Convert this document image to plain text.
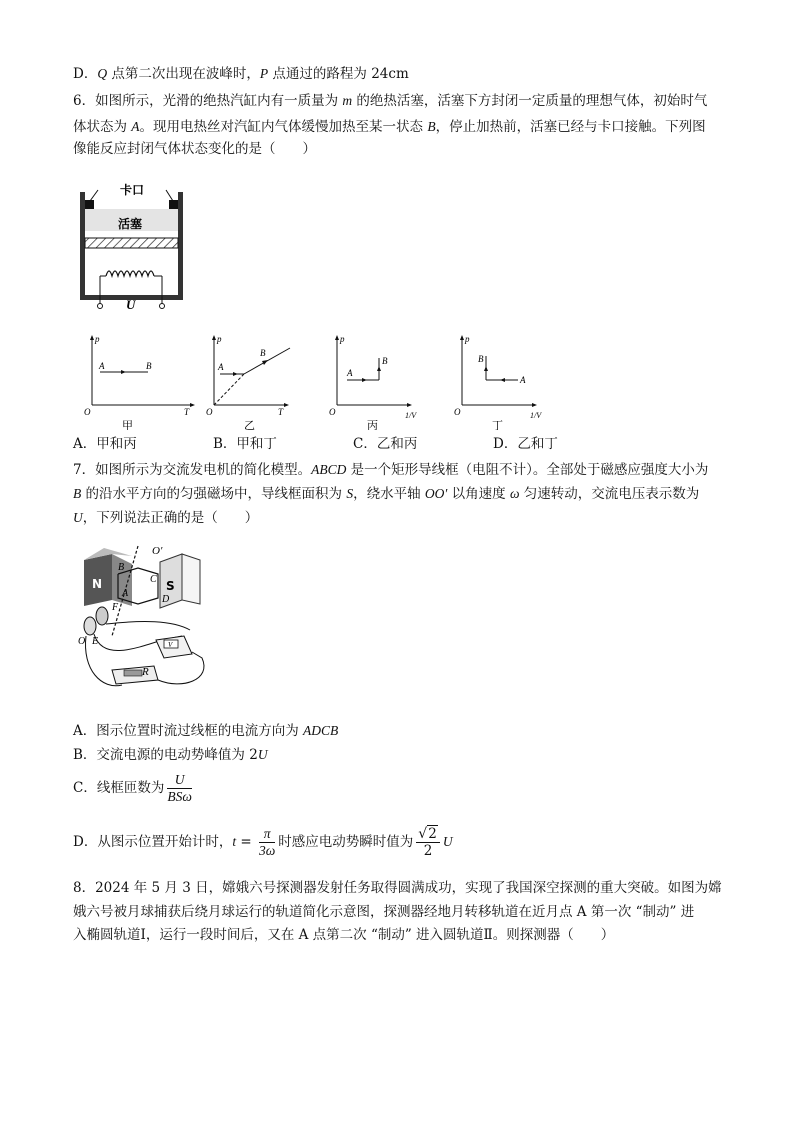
D．Q 点第二次出现在波峰时，P 点通过的路程为 24cm
6．如图所示，光滑的绝热汽缸内有一质量为 m 的绝热活塞，活塞下方封闭一定质量的理想气体，初始时气
体状态为 A。现用电热丝对汽缸内气体缓慢加热至某一状态 B，停止加热前，活塞已经与卡口接触。下列图
像能反应封闭气体状态变化的是（　　）
卡口
活塞
U
p
T
O
A	B
甲
p
T
O
A
B
乙
p
1/V
O
A
B
丙
p
1/V
O
A
B
丁
A．甲和丙	B．甲和丁	C．乙和丙	D．乙和丁
7．如图所示为交流发电机的简化模型。ABCD 是一个矩形导线框（电阻不计）。全部处于磁感应强度大小为
B 的沿水平方向的匀强磁场中，导线框面积为 S，绕水平轴 OO′ 以角速度 ω 匀速转动，交流电压表示数为
U，下列说法正确的是（　　）
N	S
O′
B
C
A
D
F
E
O	V
R
A．图示位置时流过线框的电流方向为 ADCB
B．交流电源的电动势峰值为 2U
C．线框匝数为 $\frac{U}{\text{BSω}}$
D．从图示位置开始计时，$t = \frac{\pi}{3\omega}$ 时感应电动势瞬时值为 $\frac{√2}{2}$ U
8．2024 年 5 月 3 日，嫦娥六号探测器发射任务取得圆满成功，实现了我国深空探测的重大突破。如图为嫦
娥六号被月球捕获后绕月球运行的轨道简化示意图，探测器经地月转移轨道在近月点 A 第一次 “制动” 进
入椭圆轨道Ⅰ，运行一段时间后，又在 A 点第二次 “制动” 进入圆轨道Ⅱ。则探测器（　　）
